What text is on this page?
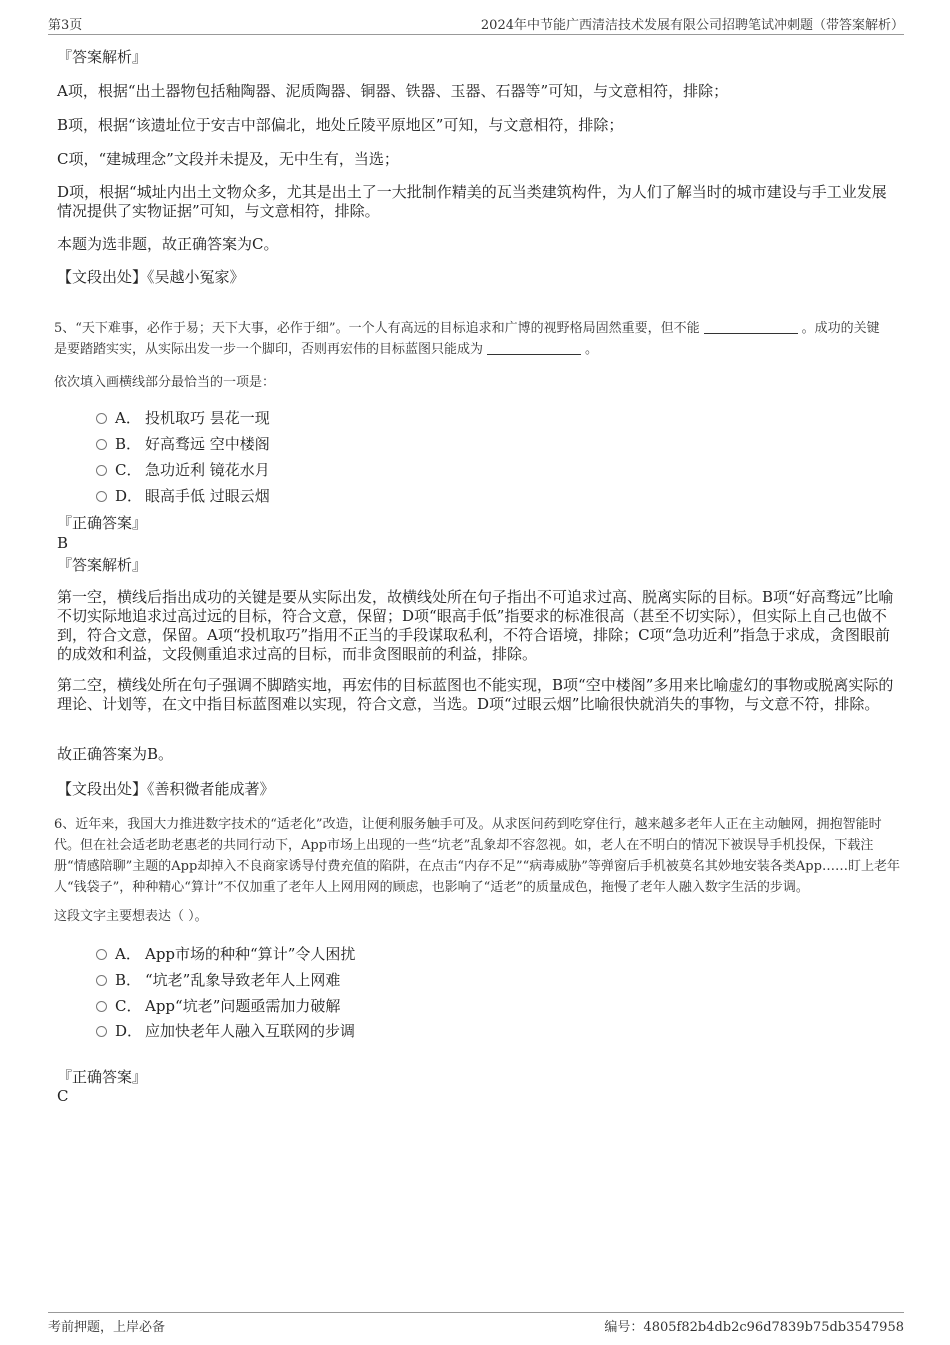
第3页	2024年中节能广西清洁技术发展有限公司招聘笔试冲刺题（带答案解析）
『答案解析』
A项，根据“出土器物包括釉陶器、泥质陶器、铜器、铁器、玉器、石器等”可知，与文意相符，排除；
B项，根据“该遗址位于安吉中部偏北，地处丘陵平原地区”可知，与文意相符，排除；
C项，“建城理念”文段并未提及，无中生有，当选；
D项，根据“城址内出土文物众多，尤其是出土了一大批制作精美的瓦当类建筑构件，为人们了解当时的城市建设与手工业发展情况提供了实物证据”可知，与文意相符，排除。
本题为选非题，故正确答案为C。
【文段出处】《吴越小冤家》
5、“天下难事，必作于易；天下大事，必作于细”。一个人有高远的目标追求和广博的视野格局固然重要，但不能	。成功的关键
是要踏踏实实，从实际出发一步一个脚印，否则再宏伟的目标蓝图只能成为	。
依次填入画横线部分最恰当的一项是：
A． 投机取巧 昙花一现
B． 好高骛远 空中楼阁
C． 急功近利 镜花水月
D． 眼高手低 过眼云烟
『正确答案』
B
『答案解析』
第一空，横线后指出成功的关键是要从实际出发，故横线处所在句子指出不可追求过高、脱离实际的目标。B项“好高骛远”比喻不切实际地追求过高过远的目标，符合文意，保留；D项“眼高手低”指要求的标准很高（甚至不切实际），但实际上自己也做不到，符合文意，保留。A项“投机取巧”指用不正当的手段谋取私利，不符合语境，排除；C项“急功近利”指急于求成，贪图眼前的成效和利益，文段侧重追求过高的目标，而非贪图眼前的利益，排除。
第二空，横线处所在句子强调不脚踏实地，再宏伟的目标蓝图也不能实现，B项“空中楼阁”多用来比喻虚幻的事物或脱离实际的理论、计划等，在文中指目标蓝图难以实现，符合文意，当选。D项“过眼云烟”比喻很快就消失的事物，与文意不符，排除。
故正确答案为B。
【文段出处】《善积微者能成著》
6、近年来，我国大力推进数字技术的“适老化”改造，让便利服务触手可及。从求医问药到吃穿住行，越来越多老年人正在主动触网，拥抱智能时代。但在社会适老助老惠老的共同行动下，App市场上出现的一些“坑老”乱象却不容忽视。如，老人在不明白的情况下被误导手机投保，下载注册“情感陪聊”主题的App却掉入不良商家诱导付费充值的陷阱，在点击“内存不足”“病毒威胁”等弹窗后手机被莫名其妙地安装各类App……盯上老年人“钱袋子”，种种精心“算计”不仅加重了老年人上网用网的顾虑，也影响了“适老”的质量成色，拖慢了老年人融入数字生活的步调。
这段文字主要想表达（ ）。
A． App市场的种种“算计”令人困扰
B． “坑老”乱象导致老年人上网难
C． App“坑老”问题亟需加力破解
D． 应加快老年人融入互联网的步调
『正确答案』
C
考前押题，上岸必备	编号：4805f82b4db2c96d7839b75db3547958
